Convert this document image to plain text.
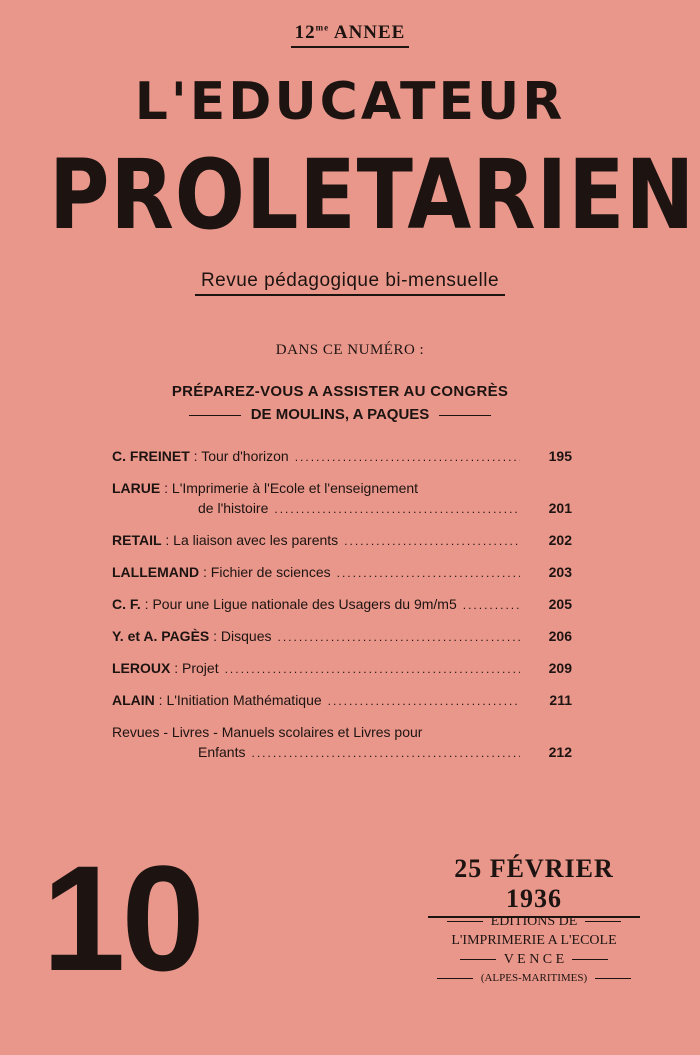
$12^{me}$ ANNEE
L'EDUCATEUR
PROLETARIEN
Revue pédagogique bi-mensuelle
DANS CE NUMÉRO :
PRÉPAREZ-VOUS A ASSISTER AU CONGRÈS
DE MOULINS, A PAQUES
C. FREINET : Tour d'horizon .....	195
LARUE : L'Imprimerie à l'Ecole et l'enseignement
de l'histoire .....	201
RETAIL : La liaison avec les parents .....	202
LALLEMAND : Fichier de sciences .....	203
C. F. : Pour une Ligue nationale des Usagers du 9m/m5 .....	205
Y. et A. PAGÈS : Disques .....	206
LEROUX : Projet .....	209
ALAIN : L'Initiation Mathématique .....	211
Revues - Livres - Manuels scolaires et Livres pour
Enfants .....	212
10	25 FÉVRIER 1936
EDITIONS DE
L'IMPRIMERIE A L'ECOLE
V E N C E
(ALPES-MARITIMES)
